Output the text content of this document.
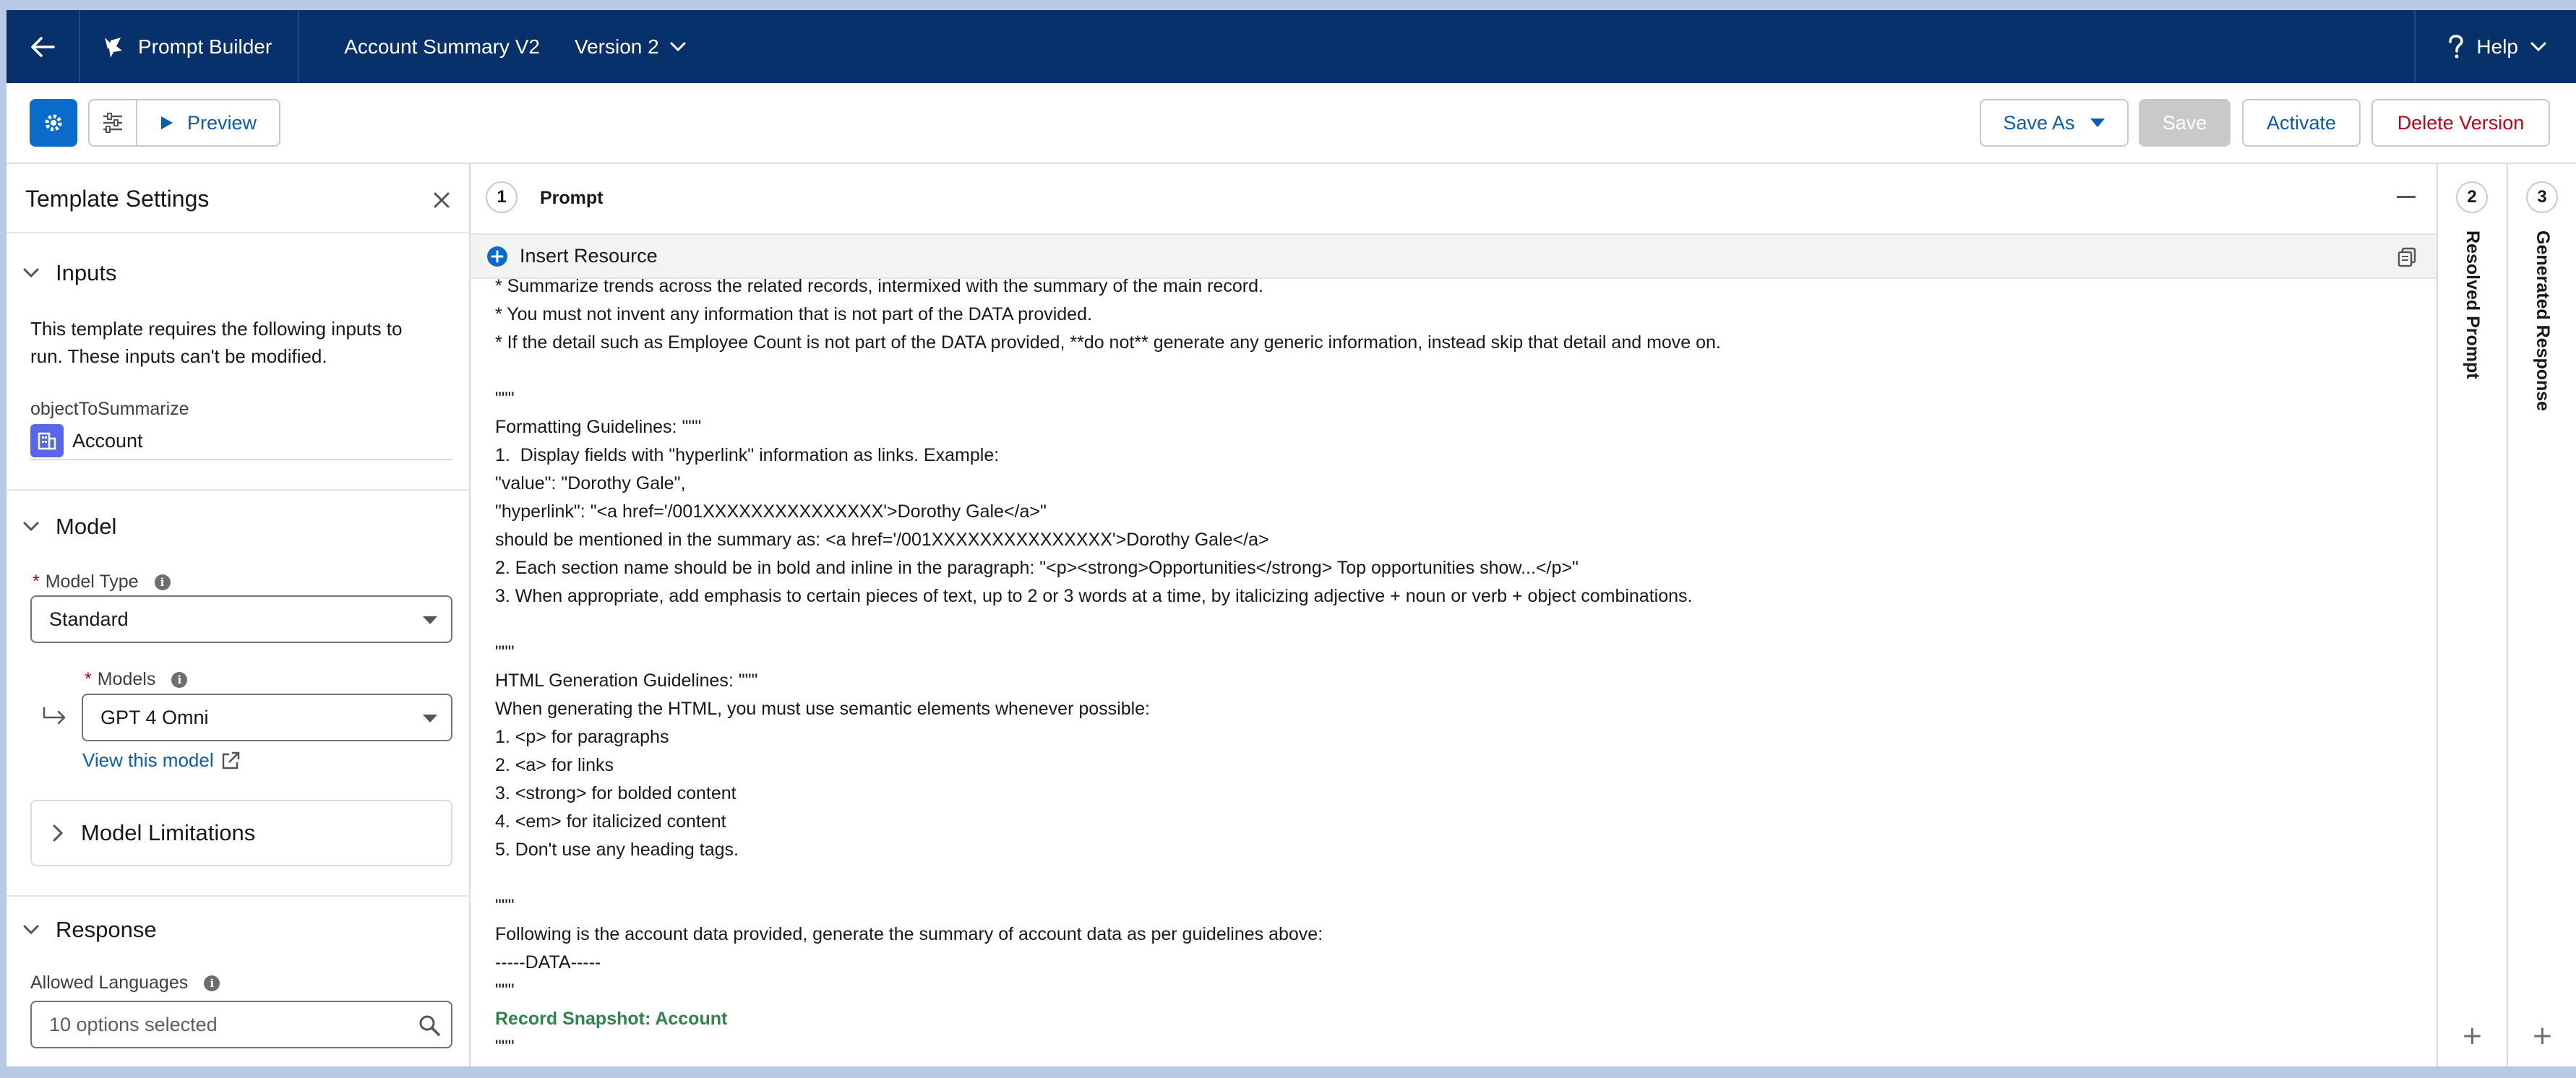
Prompt Builder	Account Summary V2	Version 2	Help
Preview	Save As	Save	Activate	Delete Version
Template Settings
Inputs
This template requires the following inputs to
run. These inputs can't be modified.
objectToSummarize
Account
Model
* Model Type	i
Standard
* Models	i
GPT 4 Omni
View this model
Model Limitations
Response
Allowed Languages	i
10 options selected
1	Prompt
Insert Resource
* Summarize trends across the related records, intermixed with the summary of the main record.
* You must not invent any information that is not part of the DATA provided.
* If the detail such as Employee Count is not part of the DATA provided, **do not** generate any generic information, instead skip that detail and move on.
"""
Formatting Guidelines: """
1.  Display fields with "hyperlink" information as links. Example:
"value": "Dorothy Gale",
"hyperlink": "<a href='/001XXXXXXXXXXXXXXX'>Dorothy Gale</a>"
should be mentioned in the summary as: <a href='/001XXXXXXXXXXXXXXX'>Dorothy Gale</a>
2. Each section name should be in bold and inline in the paragraph: "<p><strong>Opportunities</strong> Top opportunities show...</p>"
3. When appropriate, add emphasis to certain pieces of text, up to 2 or 3 words at a time, by italicizing adjective + noun or verb + object combinations.
"""
HTML Generation Guidelines: """
When generating the HTML, you must use semantic elements whenever possible:
1. <p> for paragraphs
2. <a> for links
3. <strong> for bolded content
4. <em> for italicized content
5. Don't use any heading tags.
"""
Following is the account data provided, generate the summary of account data as per guidelines above:
-----DATA-----
"""
Record Snapshot: Account
"""
2
Resolved Prompt
+
3
Generated Response
+
